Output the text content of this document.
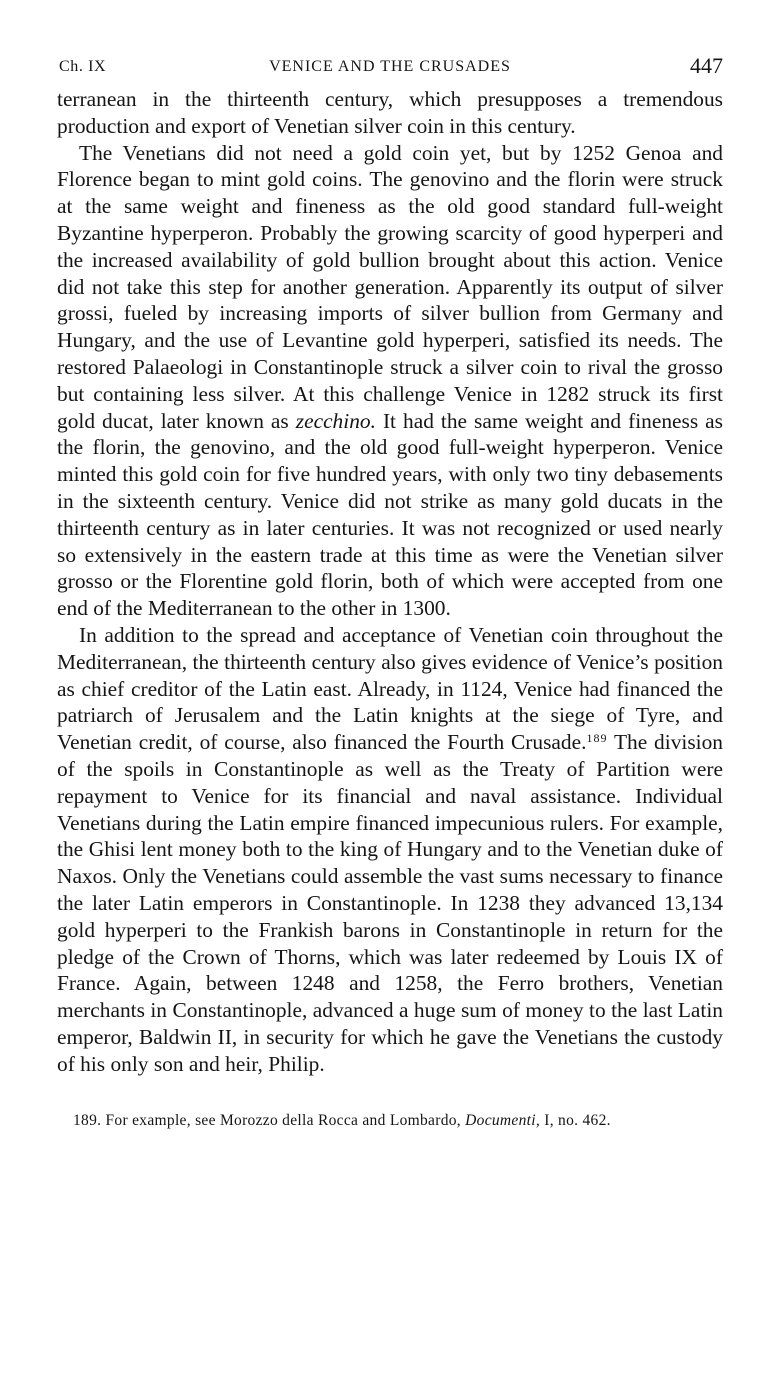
Ch. IX	VENICE AND THE CRUSADES	447

terranean in the thirteenth century, which presupposes a tremendous production and export of Venetian silver coin in this century.

The Venetians did not need a gold coin yet, but by 1252 Genoa and Florence began to mint gold coins. The genovino and the florin were struck at the same weight and fineness as the old good standard full-weight Byzantine hyperperon. Probably the growing scarcity of good hyperperi and the increased availability of gold bullion brought about this action. Venice did not take this step for another generation. Apparently its output of silver grossi, fueled by increasing imports of silver bullion from Germany and Hungary, and the use of Levantine gold hyperperi, satisfied its needs. The restored Palaeologi in Constantinople struck a silver coin to rival the grosso but containing less silver. At this challenge Venice in 1282 struck its first gold ducat, later known as zecchino. It had the same weight and fineness as the florin, the genovino, and the old good full-weight hyperperon. Venice minted this gold coin for five hundred years, with only two tiny debasements in the sixteenth century. Venice did not strike as many gold ducats in the thirteenth century as in later centuries. It was not recognized or used nearly so extensively in the eastern trade at this time as were the Venetian silver grosso or the Florentine gold florin, both of which were accepted from one end of the Mediterranean to the other in 1300.

In addition to the spread and acceptance of Venetian coin throughout the Mediterranean, the thirteenth century also gives evidence of Venice’s position as chief creditor of the Latin east. Already, in 1124, Venice had financed the patriarch of Jerusalem and the Latin knights at the siege of Tyre, and Venetian credit, of course, also financed the Fourth Crusade.$^{189}$ The division of the spoils in Constantinople as well as the Treaty of Partition were repayment to Venice for its financial and naval assistance. Individual Venetians during the Latin empire financed impecunious rulers. For example, the Ghisi lent money both to the king of Hungary and to the Venetian duke of Naxos. Only the Venetians could assemble the vast sums necessary to finance the later Latin emperors in Constantinople. In 1238 they advanced 13,134 gold hyperperi to the Frankish barons in Constantinople in return for the pledge of the Crown of Thorns, which was later redeemed by Louis IX of France. Again, between 1248 and 1258, the Ferro brothers, Venetian merchants in Constantinople, advanced a huge sum of money to the last Latin emperor, Baldwin II, in security for which he gave the Venetians the custody of his only son and heir, Philip.

189. For example, see Morozzo della Rocca and Lombardo, Documenti, I, no. 462.
